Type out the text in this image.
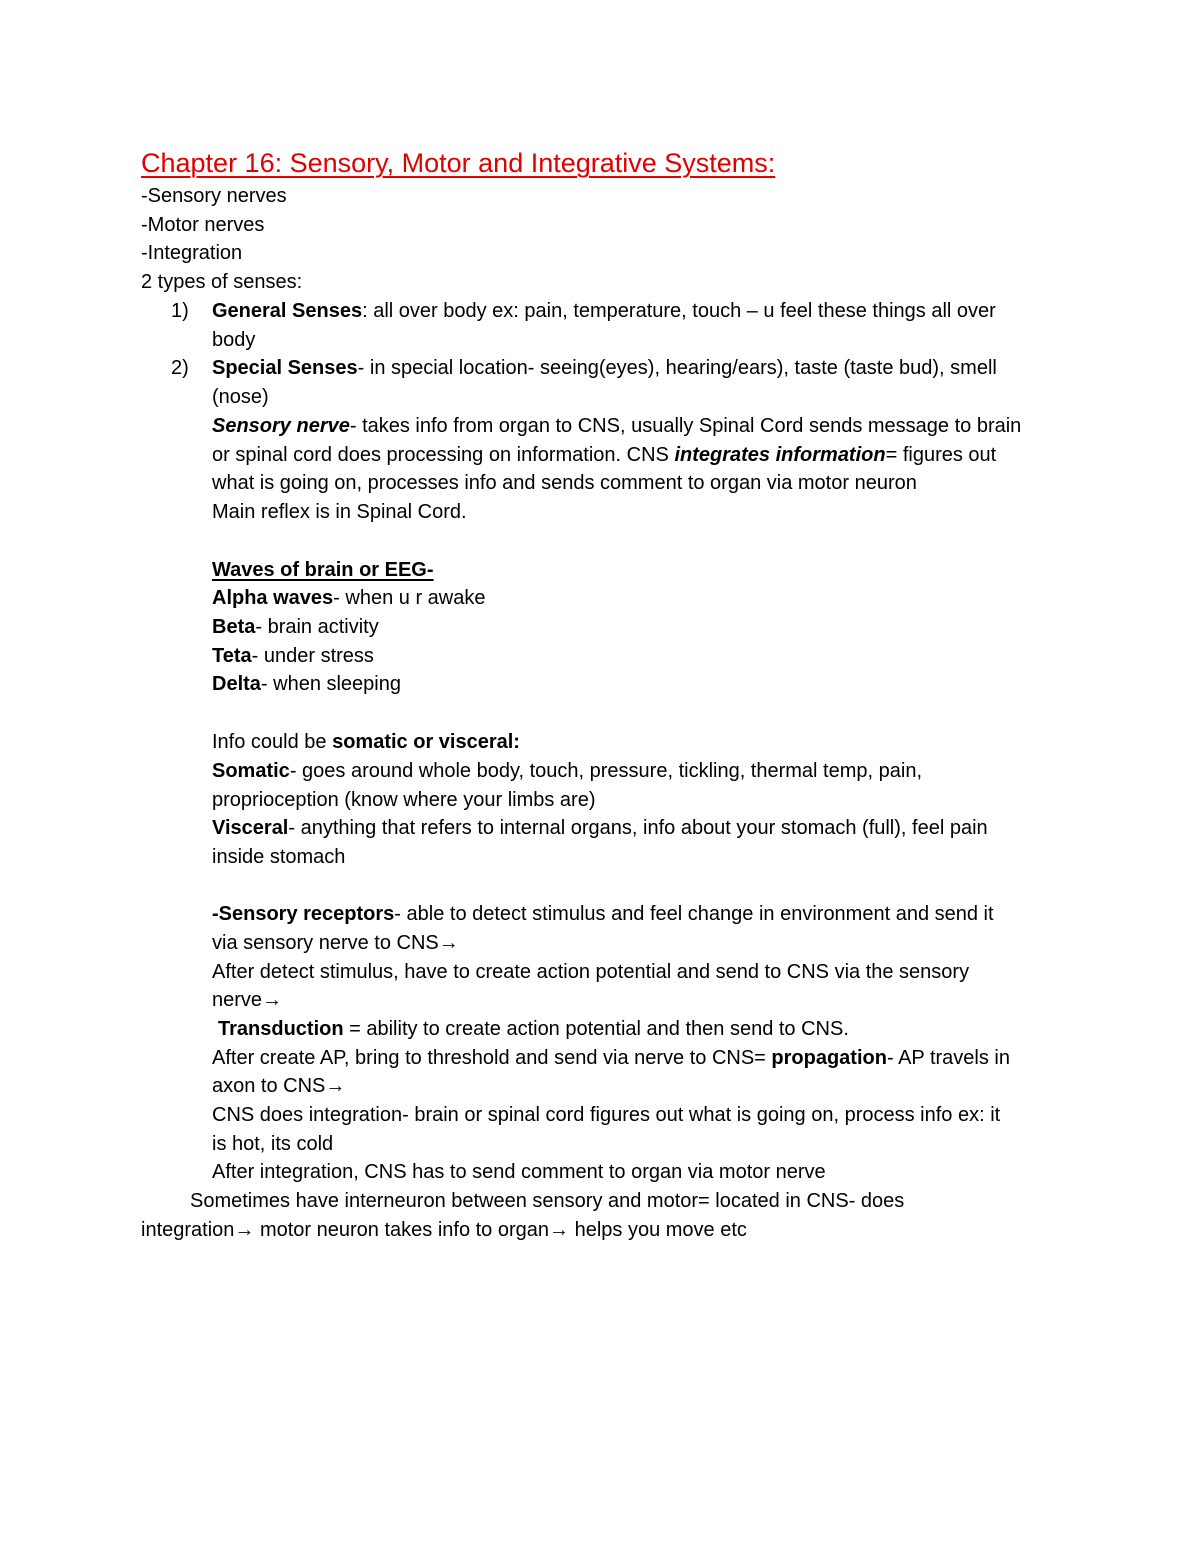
Chapter 16: Sensory, Motor and Integrative Systems:
-Sensory nerves
-Motor nerves
-Integration
2 types of senses:
1) General Senses: all over body ex: pain, temperature, touch – u feel these things all over
body
2) Special Senses- in special location- seeing(eyes), hearing/ears), taste (taste bud), smell
(nose)
Sensory nerve- takes info from organ to CNS, usually Spinal Cord sends message to brain
or spinal cord does processing on information. CNS integrates information= figures out
what is going on, processes info and sends comment to organ via motor neuron
Main reflex is in Spinal Cord.
Waves of brain or EEG-
Alpha waves- when u r awake
Beta- brain activity
Teta- under stress
Delta- when sleeping
Info could be somatic or visceral:
Somatic- goes around whole body, touch, pressure, tickling, thermal temp, pain,
proprioception (know where your limbs are)
Visceral- anything that refers to internal organs, info about your stomach (full), feel pain
inside stomach
-Sensory receptors- able to detect stimulus and feel change in environment and send it
via sensory nerve to CNS→
After detect stimulus, have to create action potential and send to CNS via the sensory
nerve→
Transduction = ability to create action potential and then send to CNS.
After create AP, bring to threshold and send via nerve to CNS= propagation- AP travels in
axon to CNS→
CNS does integration- brain or spinal cord figures out what is going on, process info ex: it
is hot, its cold
After integration, CNS has to send comment to organ via motor nerve
Sometimes have interneuron between sensory and motor= located in CNS- does
integration→ motor neuron takes info to organ→ helps you move etc
